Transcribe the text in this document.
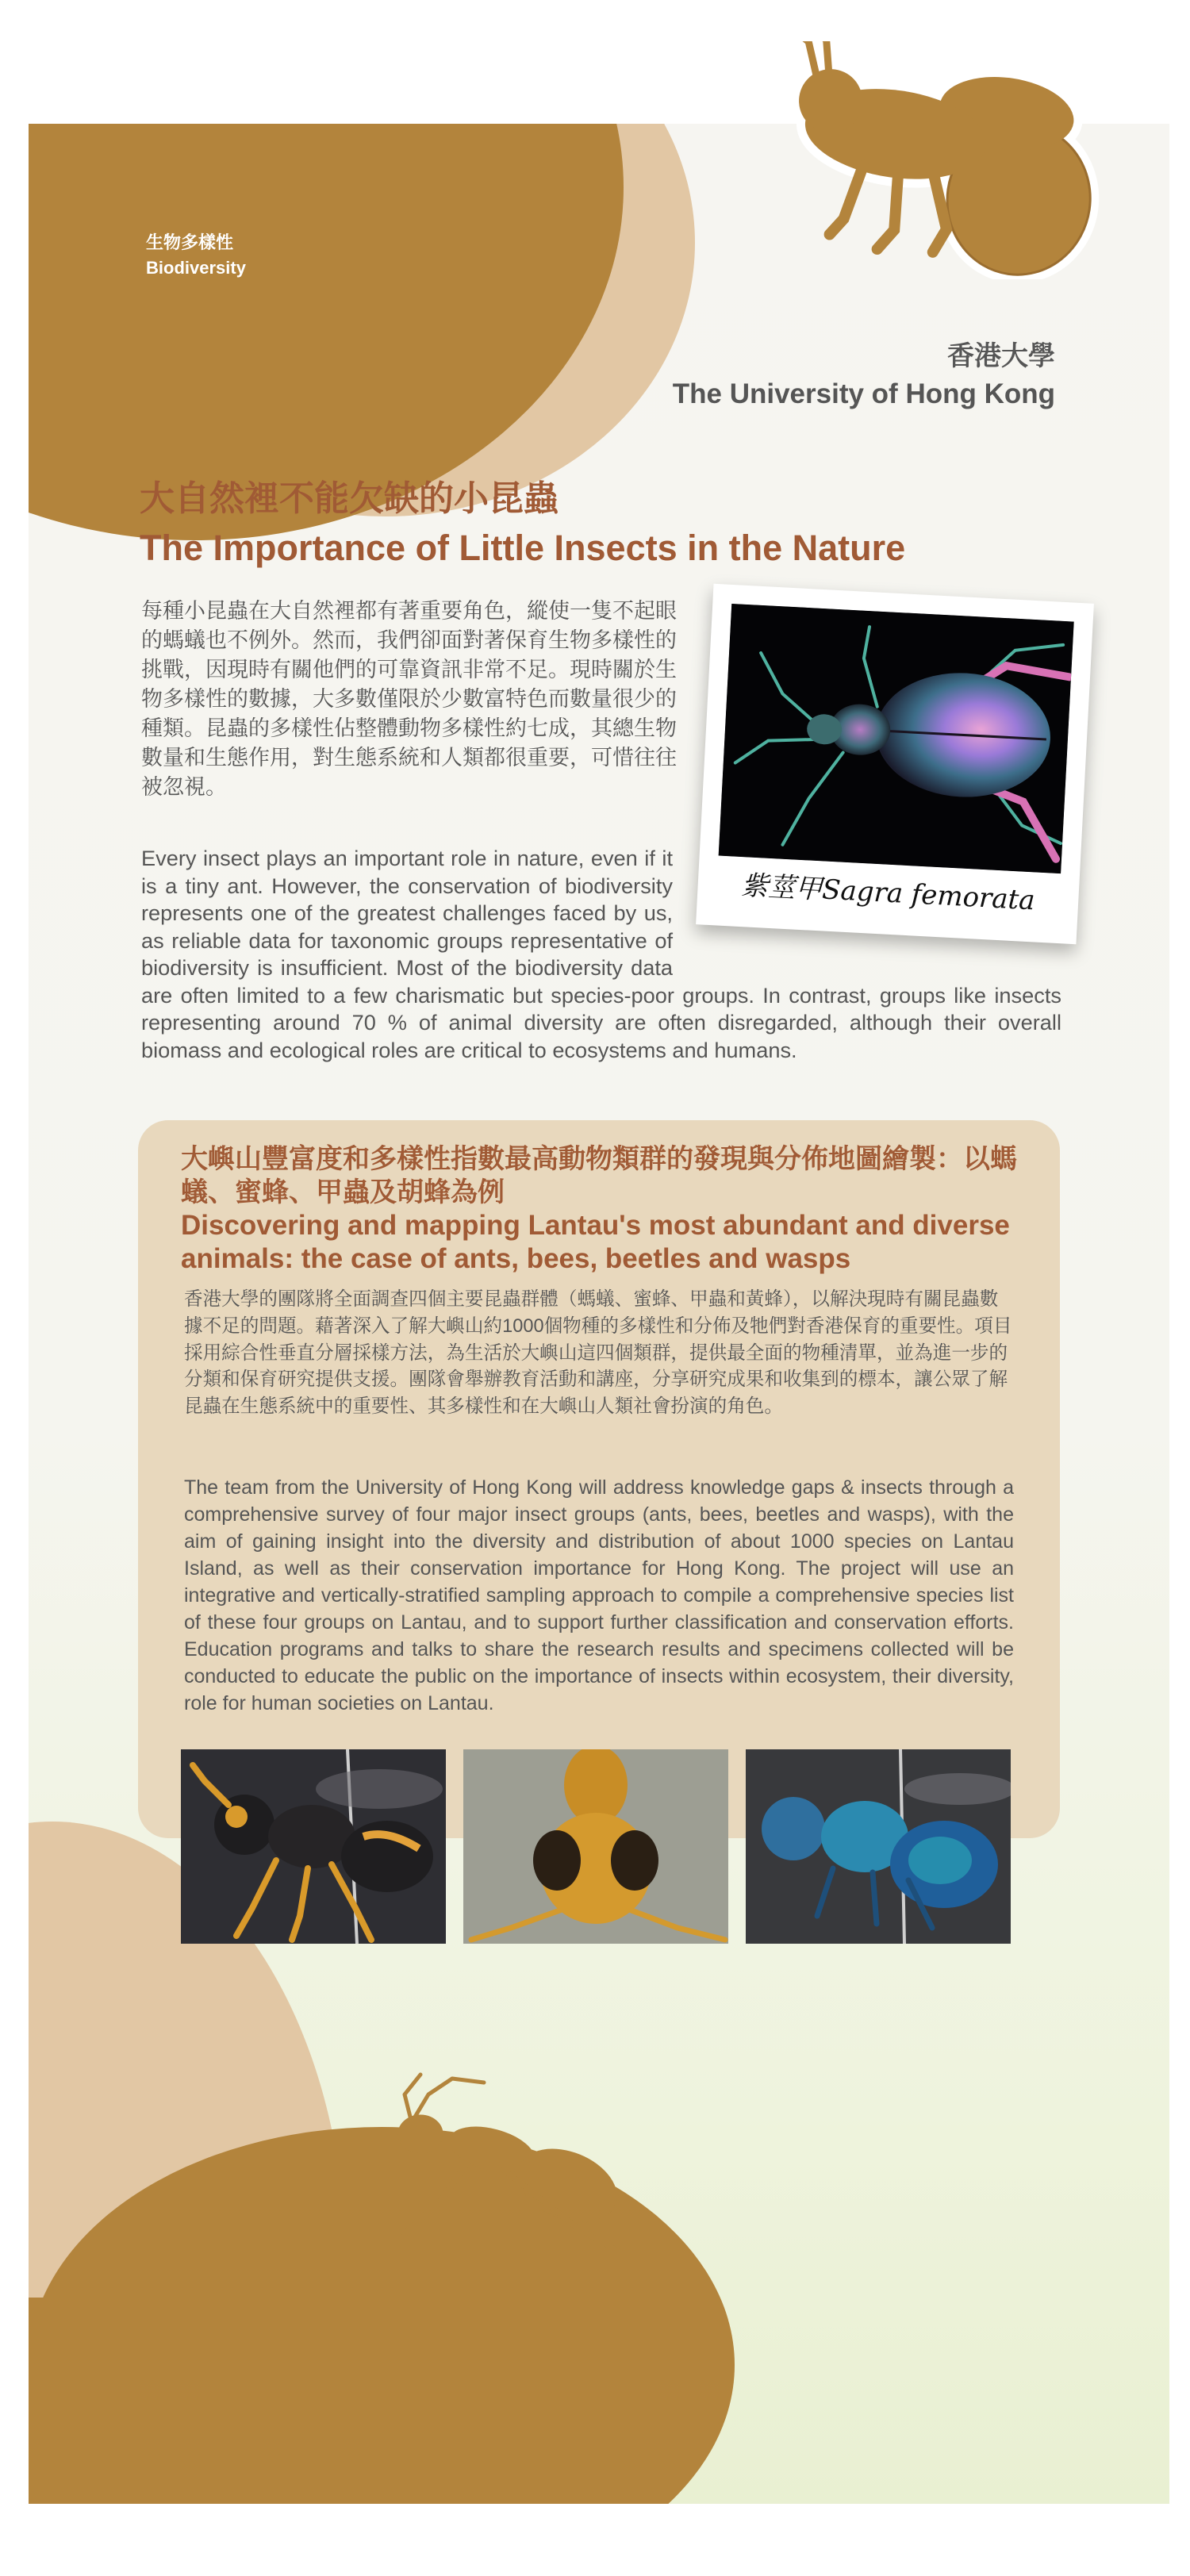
生物多樣性
Biodiversity
香港大學
The University of Hong Kong
大自然裡不能欠缺的小昆蟲
The Importance of Little Insects in the Nature

每種小昆蟲在大自然裡都有著重要角色，縱使一隻不起眼的螞蟻也不例外。然而，我們卻面對著保育生物多樣性的挑戰，因現時有關他們的可靠資訊非常不足。現時關於生物多樣性的數據，大多數僅限於少數富特色而數量很少的種類。昆蟲的多樣性佔整體動物多樣性約七成，其總生物數量和生態作用，對生態系統和人類都很重要，可惜往往被忽視。

Every insect plays an important role in nature, even if it is a tiny ant. However, the conservation of biodiversity represents one of the greatest challenges faced by us, as reliable data for taxonomic groups representative of biodiversity is insufficient. Most of the biodiversity data are often limited to a few charismatic but species-poor groups. In contrast, groups like insects representing around 70 % of animal diversity are often disregarded, although their overall biomass and ecological roles are critical to ecosystems and humans.

紫莖甲Sagra femorata
大嶼山豐富度和多樣性指數最高動物類群的發現與分佈地圖繪製：以螞蟻、蜜蜂、甲蟲及胡蜂為例
Discovering and mapping Lantau's most abundant and diverse animals: the case of ants, bees, beetles and wasps

香港大學的團隊將全面調查四個主要昆蟲群體（螞蟻、蜜蜂、甲蟲和黃蜂），以解決現時有關昆蟲數據不足的問題。藉著深入了解大嶼山約1000個物種的多樣性和分佈及牠們對香港保育的重要性。項目採用綜合性垂直分層採樣方法，為生活於大嶼山這四個類群，提供最全面的物種清單，並為進一步的分類和保育研究提供支援。團隊會舉辦教育活動和講座，分享研究成果和收集到的標本，讓公眾了解昆蟲在生態系統中的重要性、其多樣性和在大嶼山人類社會扮演的角色。

The team from the University of Hong Kong will address knowledge gaps & insects through a comprehensive survey of four major insect groups (ants, bees, beetles and wasps), with the aim of gaining insight into the diversity and distribution of about 1000 species on Lantau Island, as well as their conservation importance for Hong Kong. The project will use an integrative and vertically-stratified sampling approach to compile a comprehensive species list of these four groups on Lantau, and to support further classification and conservation efforts. Education programs and talks to share the research results and specimens collected will be conducted to educate the public on the importance of insects within ecosystem, their diversity, role for human societies on Lantau.
